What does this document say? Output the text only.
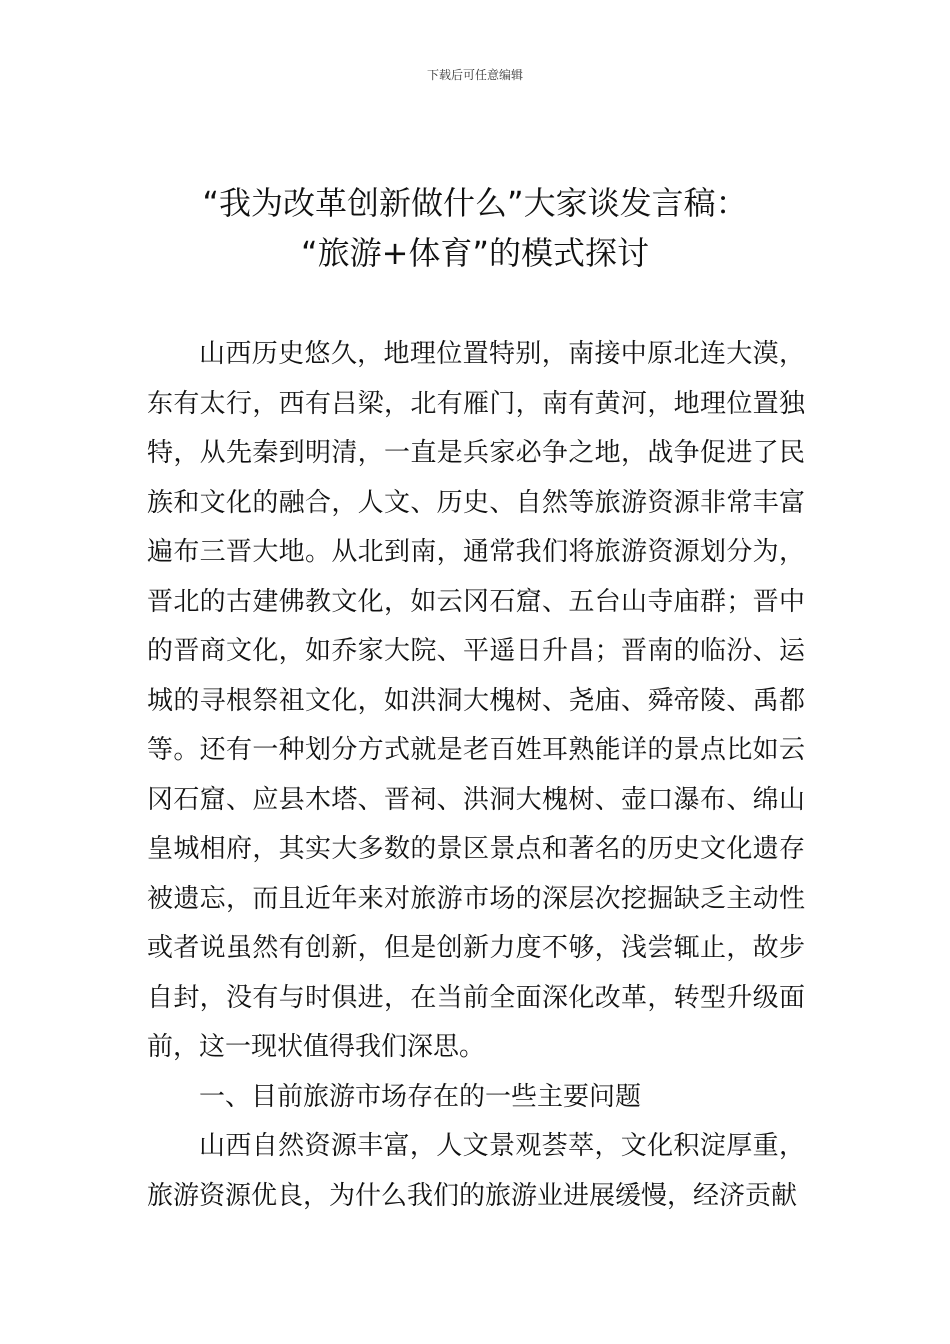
下载后可任意编辑
“我为改革创新做什么”大家谈发言稿：
“旅游+体育”的模式探讨

山西历史悠久，地理位置特别，南接中原北连大漠，东有太行，西有吕梁，北有雁门，南有黄河，地理位置独特，从先秦到明清，一直是兵家必争之地，战争促进了民族和文化的融合，人文、历史、自然等旅游资源非常丰富遍布三晋大地。从北到南，通常我们将旅游资源划分为，晋北的古建佛教文化，如云冈石窟、五台山寺庙群；晋中的晋商文化，如乔家大院、平遥日升昌；晋南的临汾、运城的寻根祭祖文化，如洪洞大槐树、尧庙、舜帝陵、禹都等。还有一种划分方式就是老百姓耳熟能详的景点比如云冈石窟、应县木塔、晋祠、洪洞大槐树、壶口瀑布、绵山皇城相府，其实大多数的景区景点和著名的历史文化遗存被遗忘，而且近年来对旅游市场的深层次挖掘缺乏主动性或者说虽然有创新，但是创新力度不够，浅尝辄止，故步自封，没有与时俱进，在当前全面深化改革，转型升级面前，这一现状值得我们深思。

一、目前旅游市场存在的一些主要问题

山西自然资源丰富，人文景观荟萃，文化积淀厚重，旅游资源优良，为什么我们的旅游业进展缓慢，经济贡献
